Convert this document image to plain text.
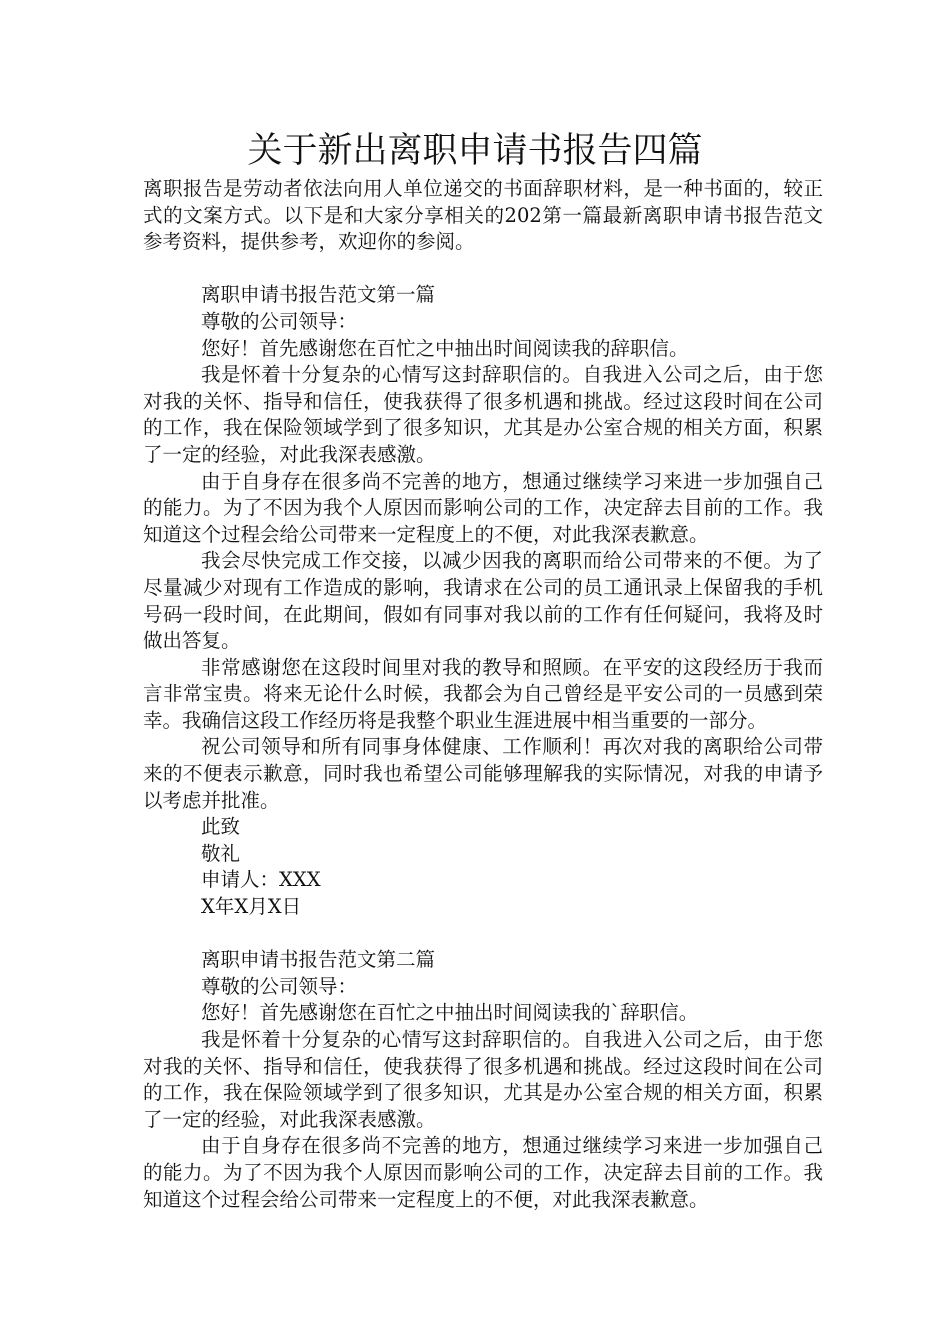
关于新出离职申请书报告四篇

离职报告是劳动者依法向用人单位递交的书面辞职材料，是一种书面的，较正式的文案方式。以下是和大家分享相关的202第一篇最新离职申请书报告范文参考资料，提供参考，欢迎你的参阅。

离职申请书报告范文第一篇

尊敬的公司领导：

您好！首先感谢您在百忙之中抽出时间阅读我的辞职信。

我是怀着十分复杂的心情写这封辞职信的。自我进入公司之后，由于您对我的关怀、指导和信任，使我获得了很多机遇和挑战。经过这段时间在公司的工作，我在保险领域学到了很多知识，尤其是办公室合规的相关方面，积累了一定的经验，对此我深表感激。

由于自身存在很多尚不完善的地方，想通过继续学习来进一步加强自己的能力。为了不因为我个人原因而影响公司的工作，决定辞去目前的工作。我知道这个过程会给公司带来一定程度上的不便，对此我深表歉意。

我会尽快完成工作交接，以减少因我的离职而给公司带来的不便。为了尽量减少对现有工作造成的影响，我请求在公司的员工通讯录上保留我的手机号码一段时间，在此期间，假如有同事对我以前的工作有任何疑问，我将及时做出答复。

非常感谢您在这段时间里对我的教导和照顾。在平安的这段经历于我而言非常宝贵。将来无论什么时候，我都会为自己曾经是平安公司的一员感到荣幸。我确信这段工作经历将是我整个职业生涯进展中相当重要的一部分。

祝公司领导和所有同事身体健康、工作顺利！再次对我的离职给公司带来的不便表示歉意，同时我也希望公司能够理解我的实际情况，对我的申请予以考虑并批准。

此致

敬礼

申请人：XXX

X年X月X日

离职申请书报告范文第二篇

尊敬的公司领导：

您好！首先感谢您在百忙之中抽出时间阅读我的`辞职信。

我是怀着十分复杂的心情写这封辞职信的。自我进入公司之后，由于您对我的关怀、指导和信任，使我获得了很多机遇和挑战。经过这段时间在公司的工作，我在保险领域学到了很多知识，尤其是办公室合规的相关方面，积累了一定的经验，对此我深表感激。

由于自身存在很多尚不完善的地方，想通过继续学习来进一步加强自己的能力。为了不因为我个人原因而影响公司的工作，决定辞去目前的工作。我知道这个过程会给公司带来一定程度上的不便，对此我深表歉意。
